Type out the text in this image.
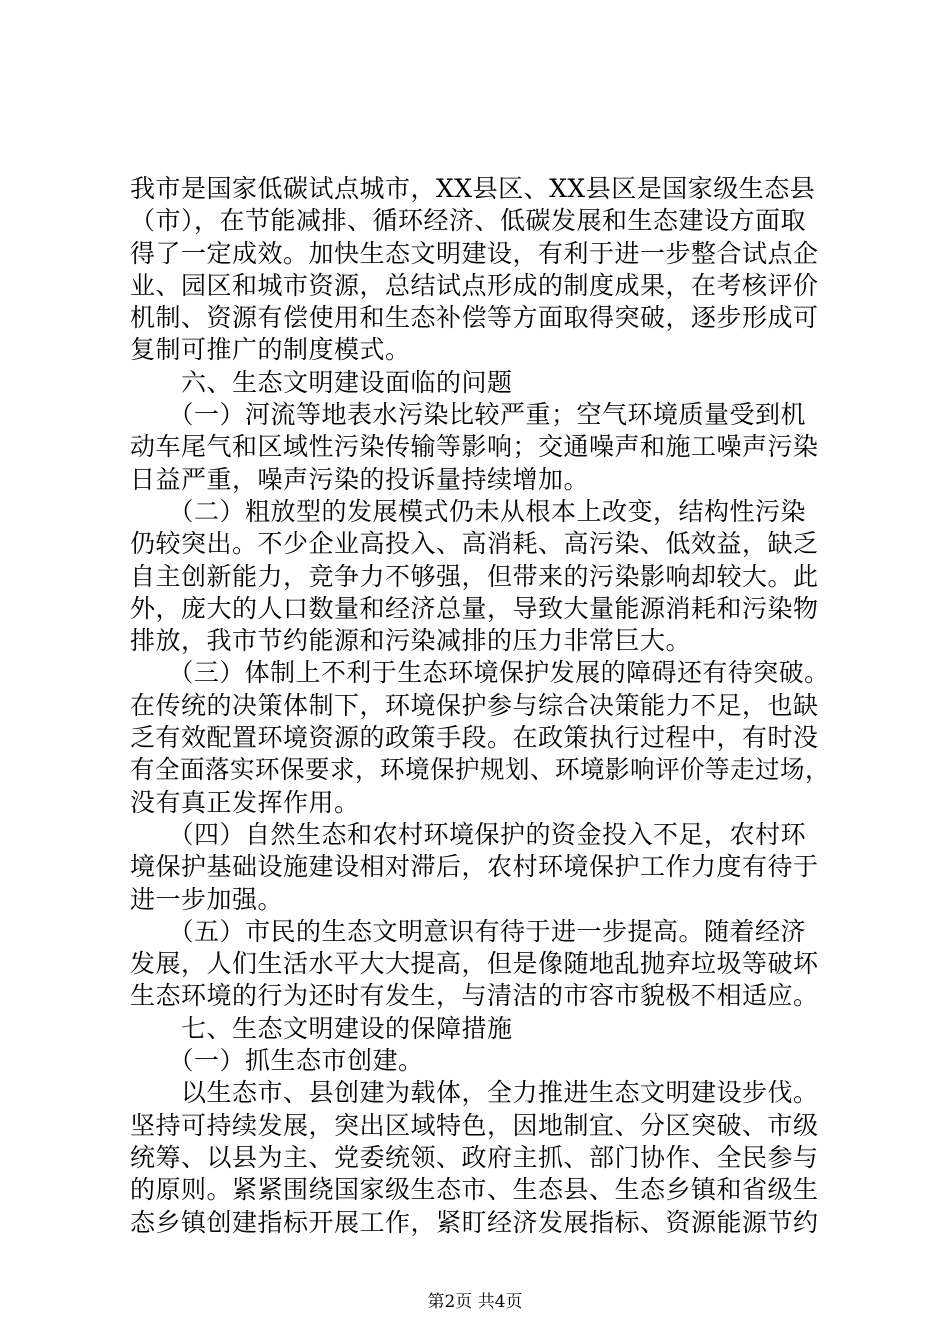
我市是国家低碳试点城市，XX县区、XX县区是国家级生态县
（市），在节能减排、循环经济、低碳发展和生态建设方面取
得了一定成效。加快生态文明建设，有利于进一步整合试点企
业、园区和城市资源，总结试点形成的制度成果，在考核评价
机制、资源有偿使用和生态补偿等方面取得突破，逐步形成可
复制可推广的制度模式。
　　六、生态文明建设面临的问题
　　（一）河流等地表水污染比较严重；空气环境质量受到机
动车尾气和区域性污染传输等影响；交通噪声和施工噪声污染
日益严重，噪声污染的投诉量持续增加。
　　（二）粗放型的发展模式仍未从根本上改变，结构性污染
仍较突出。不少企业高投入、高消耗、高污染、低效益，缺乏
自主创新能力，竞争力不够强，但带来的污染影响却较大。此
外，庞大的人口数量和经济总量，导致大量能源消耗和污染物
排放，我市节约能源和污染减排的压力非常巨大。
　　（三）体制上不利于生态环境保护发展的障碍还有待突破。
在传统的决策体制下，环境保护参与综合决策能力不足，也缺
乏有效配置环境资源的政策手段。在政策执行过程中，有时没
有全面落实环保要求，环境保护规划、环境影响评价等走过场，
没有真正发挥作用。
　　（四）自然生态和农村环境保护的资金投入不足，农村环
境保护基础设施建设相对滞后，农村环境保护工作力度有待于
进一步加强。
　　（五）市民的生态文明意识有待于进一步提高。随着经济
发展，人们生活水平大大提高，但是像随地乱抛弃垃圾等破坏
生态环境的行为还时有发生，与清洁的市容市貌极不相适应。
　　七、生态文明建设的保障措施
　　（一）抓生态市创建。
　　以生态市、县创建为载体，全力推进生态文明建设步伐。
坚持可持续发展，突出区域特色，因地制宜、分区突破、市级
统筹、以县为主、党委统领、政府主抓、部门协作、全民参与
的原则。紧紧围绕国家级生态市、生态县、生态乡镇和省级生
态乡镇创建指标开展工作，紧盯经济发展指标、资源能源节约
第2页 共4页
